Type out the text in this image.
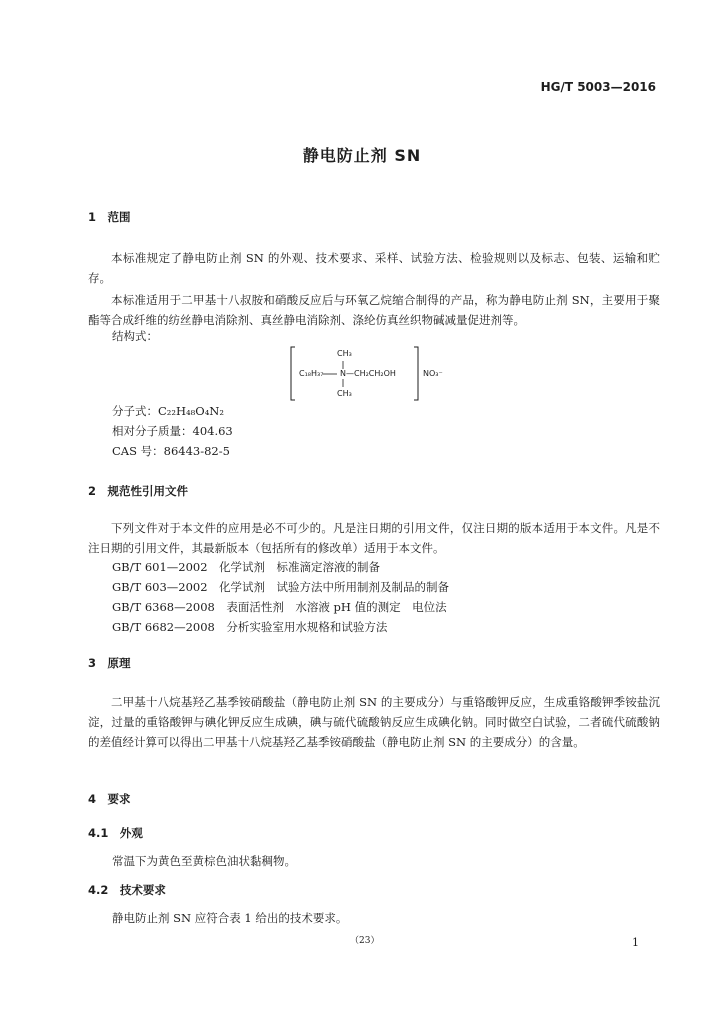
HG/T 5003—2016
静电防止剂 SN
1　范围
本标准规定了静电防止剂 SN 的外观、技术要求、采样、试验方法、检验规则以及标志、包装、运输和贮存。
本标准适用于二甲基十八叔胺和硝酸反应后与环氧乙烷缩合制得的产品，称为静电防止剂 SN，主要用于聚酯等合成纤维的纺丝静电消除剂、真丝静电消除剂、涤纶仿真丝织物碱减量促进剂等。
结构式：
CH₃
C₁₈H₃₇ N—CH₂CH₂OH
CH₃
NO₃⁻
分子式：C₂₂H₄₈O₄N₂
相对分子质量：404.63
CAS 号：86443-82-5
2　规范性引用文件
下列文件对于本文件的应用是必不可少的。凡是注日期的引用文件，仅注日期的版本适用于本文件。凡是不注日期的引用文件，其最新版本（包括所有的修改单）适用于本文件。
GB/T 601—2002　化学试剂　标准滴定溶液的制备
GB/T 603—2002　化学试剂　试验方法中所用制剂及制品的制备
GB/T 6368—2008　表面活性剂　水溶液 pH 值的测定　电位法
GB/T 6682—2008　分析实验室用水规格和试验方法
3　原理
二甲基十八烷基羟乙基季铵硝酸盐（静电防止剂 SN 的主要成分）与重铬酸钾反应，生成重铬酸钾季铵盐沉淀，过量的重铬酸钾与碘化钾反应生成碘，碘与硫代硫酸钠反应生成碘化钠。同时做空白试验，二者硫代硫酸钠的差值经计算可以得出二甲基十八烷基羟乙基季铵硝酸盐（静电防止剂 SN 的主要成分）的含量。
4　要求
4.1　外观
常温下为黄色至黄棕色油状黏稠物。
4.2　技术要求
静电防止剂 SN 应符合表 1 给出的技术要求。
（23）	1
